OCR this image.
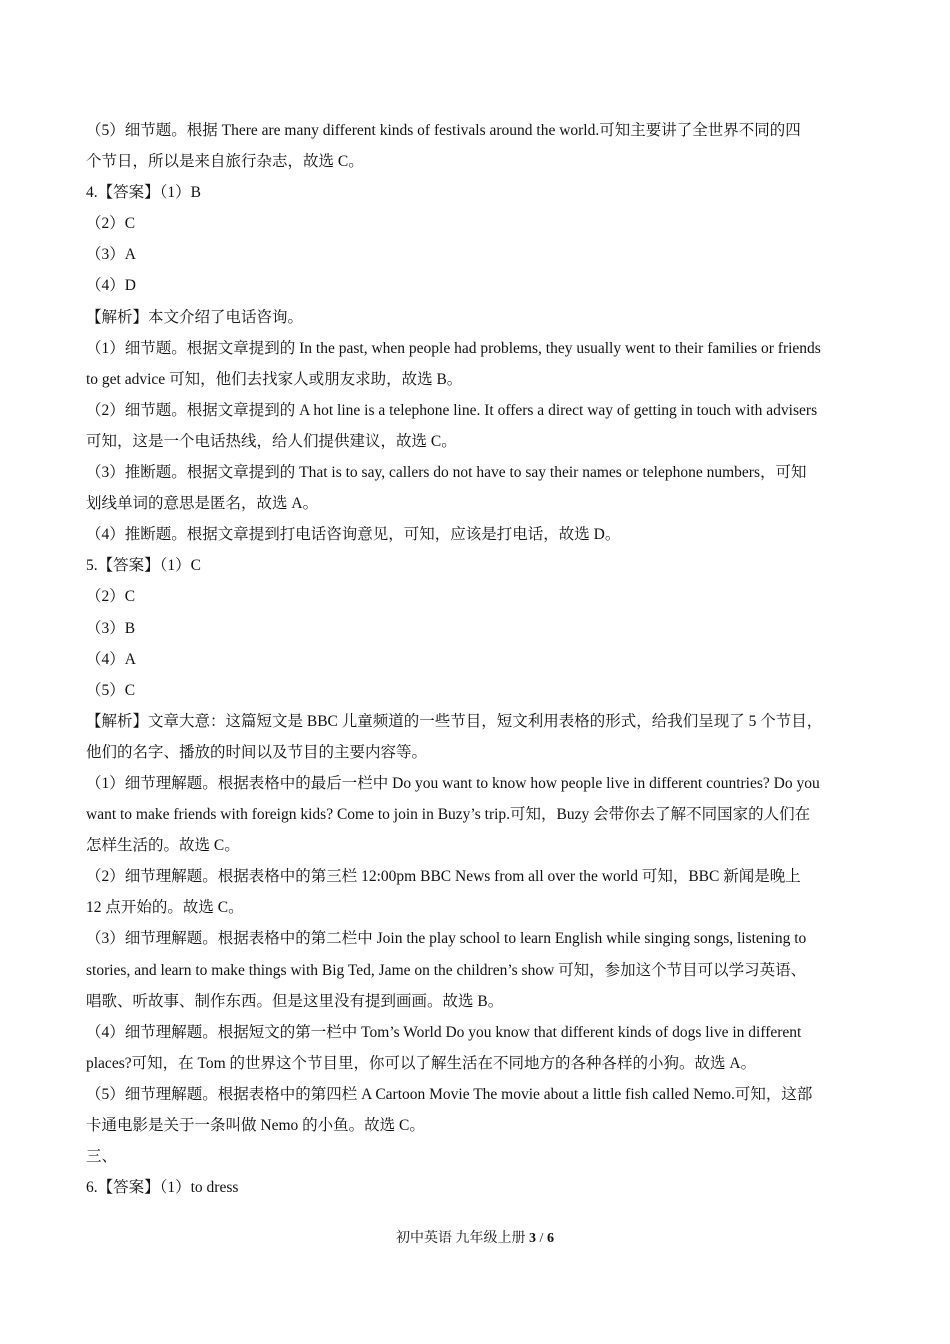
（5）细节题。根据 There are many different kinds of festivals around the world.可知主要讲了全世界不同的四
个节日，所以是来自旅行杂志，故选 C。
4.【答案】（1）B
（2）C
（3）A
（4）D
【解析】本文介绍了电话咨询。
（1）细节题。根据文章提到的 In the past, when people had problems, they usually went to their families or friends
to get advice 可知，他们去找家人或朋友求助，故选 B。
（2）细节题。根据文章提到的 A hot line is a telephone line. It offers a direct way of getting in touch with advisers
可知，这是一个电话热线，给人们提供建议，故选 C。
（3）推断题。根据文章提到的 That is to say, callers do not have to say their names or telephone numbers，可知
划线单词的意思是匿名，故选 A。
（4）推断题。根据文章提到打电话咨询意见，可知，应该是打电话，故选 D。
5.【答案】（1）C
（2）C
（3）B
（4）A
（5）C
【解析】文章大意：这篇短文是 BBC 儿童频道的一些节目，短文利用表格的形式，给我们呈现了 5 个节目，
他们的名字、播放的时间以及节目的主要内容等。
（1）细节理解题。根据表格中的最后一栏中 Do you want to know how people live in different countries? Do you
want to make friends with foreign kids? Come to join in Buzy’s trip.可知，Buzy 会带你去了解不同国家的人们在
怎样生活的。故选 C。
（2）细节理解题。根据表格中的第三栏 12:00pm BBC News from all over the world 可知，BBC 新闻是晚上
12 点开始的。故选 C。
（3）细节理解题。根据表格中的第二栏中 Join the play school to learn English while singing songs, listening to
stories, and learn to make things with Big Ted, Jame on the children’s show 可知，参加这个节目可以学习英语、
唱歌、听故事、制作东西。但是这里没有提到画画。故选 B。
（4）细节理解题。根据短文的第一栏中 Tom’s World Do you know that different kinds of dogs live in different
places?可知，在 Tom 的世界这个节目里，你可以了解生活在不同地方的各种各样的小狗。故选 A。
（5）细节理解题。根据表格中的第四栏 A Cartoon Movie The movie about a little fish called Nemo.可知，这部
卡通电影是关于一条叫做 Nemo 的小鱼。故选 C。
三、
6.【答案】（1）to dress
初中英语 九年级上册 3 / 6
